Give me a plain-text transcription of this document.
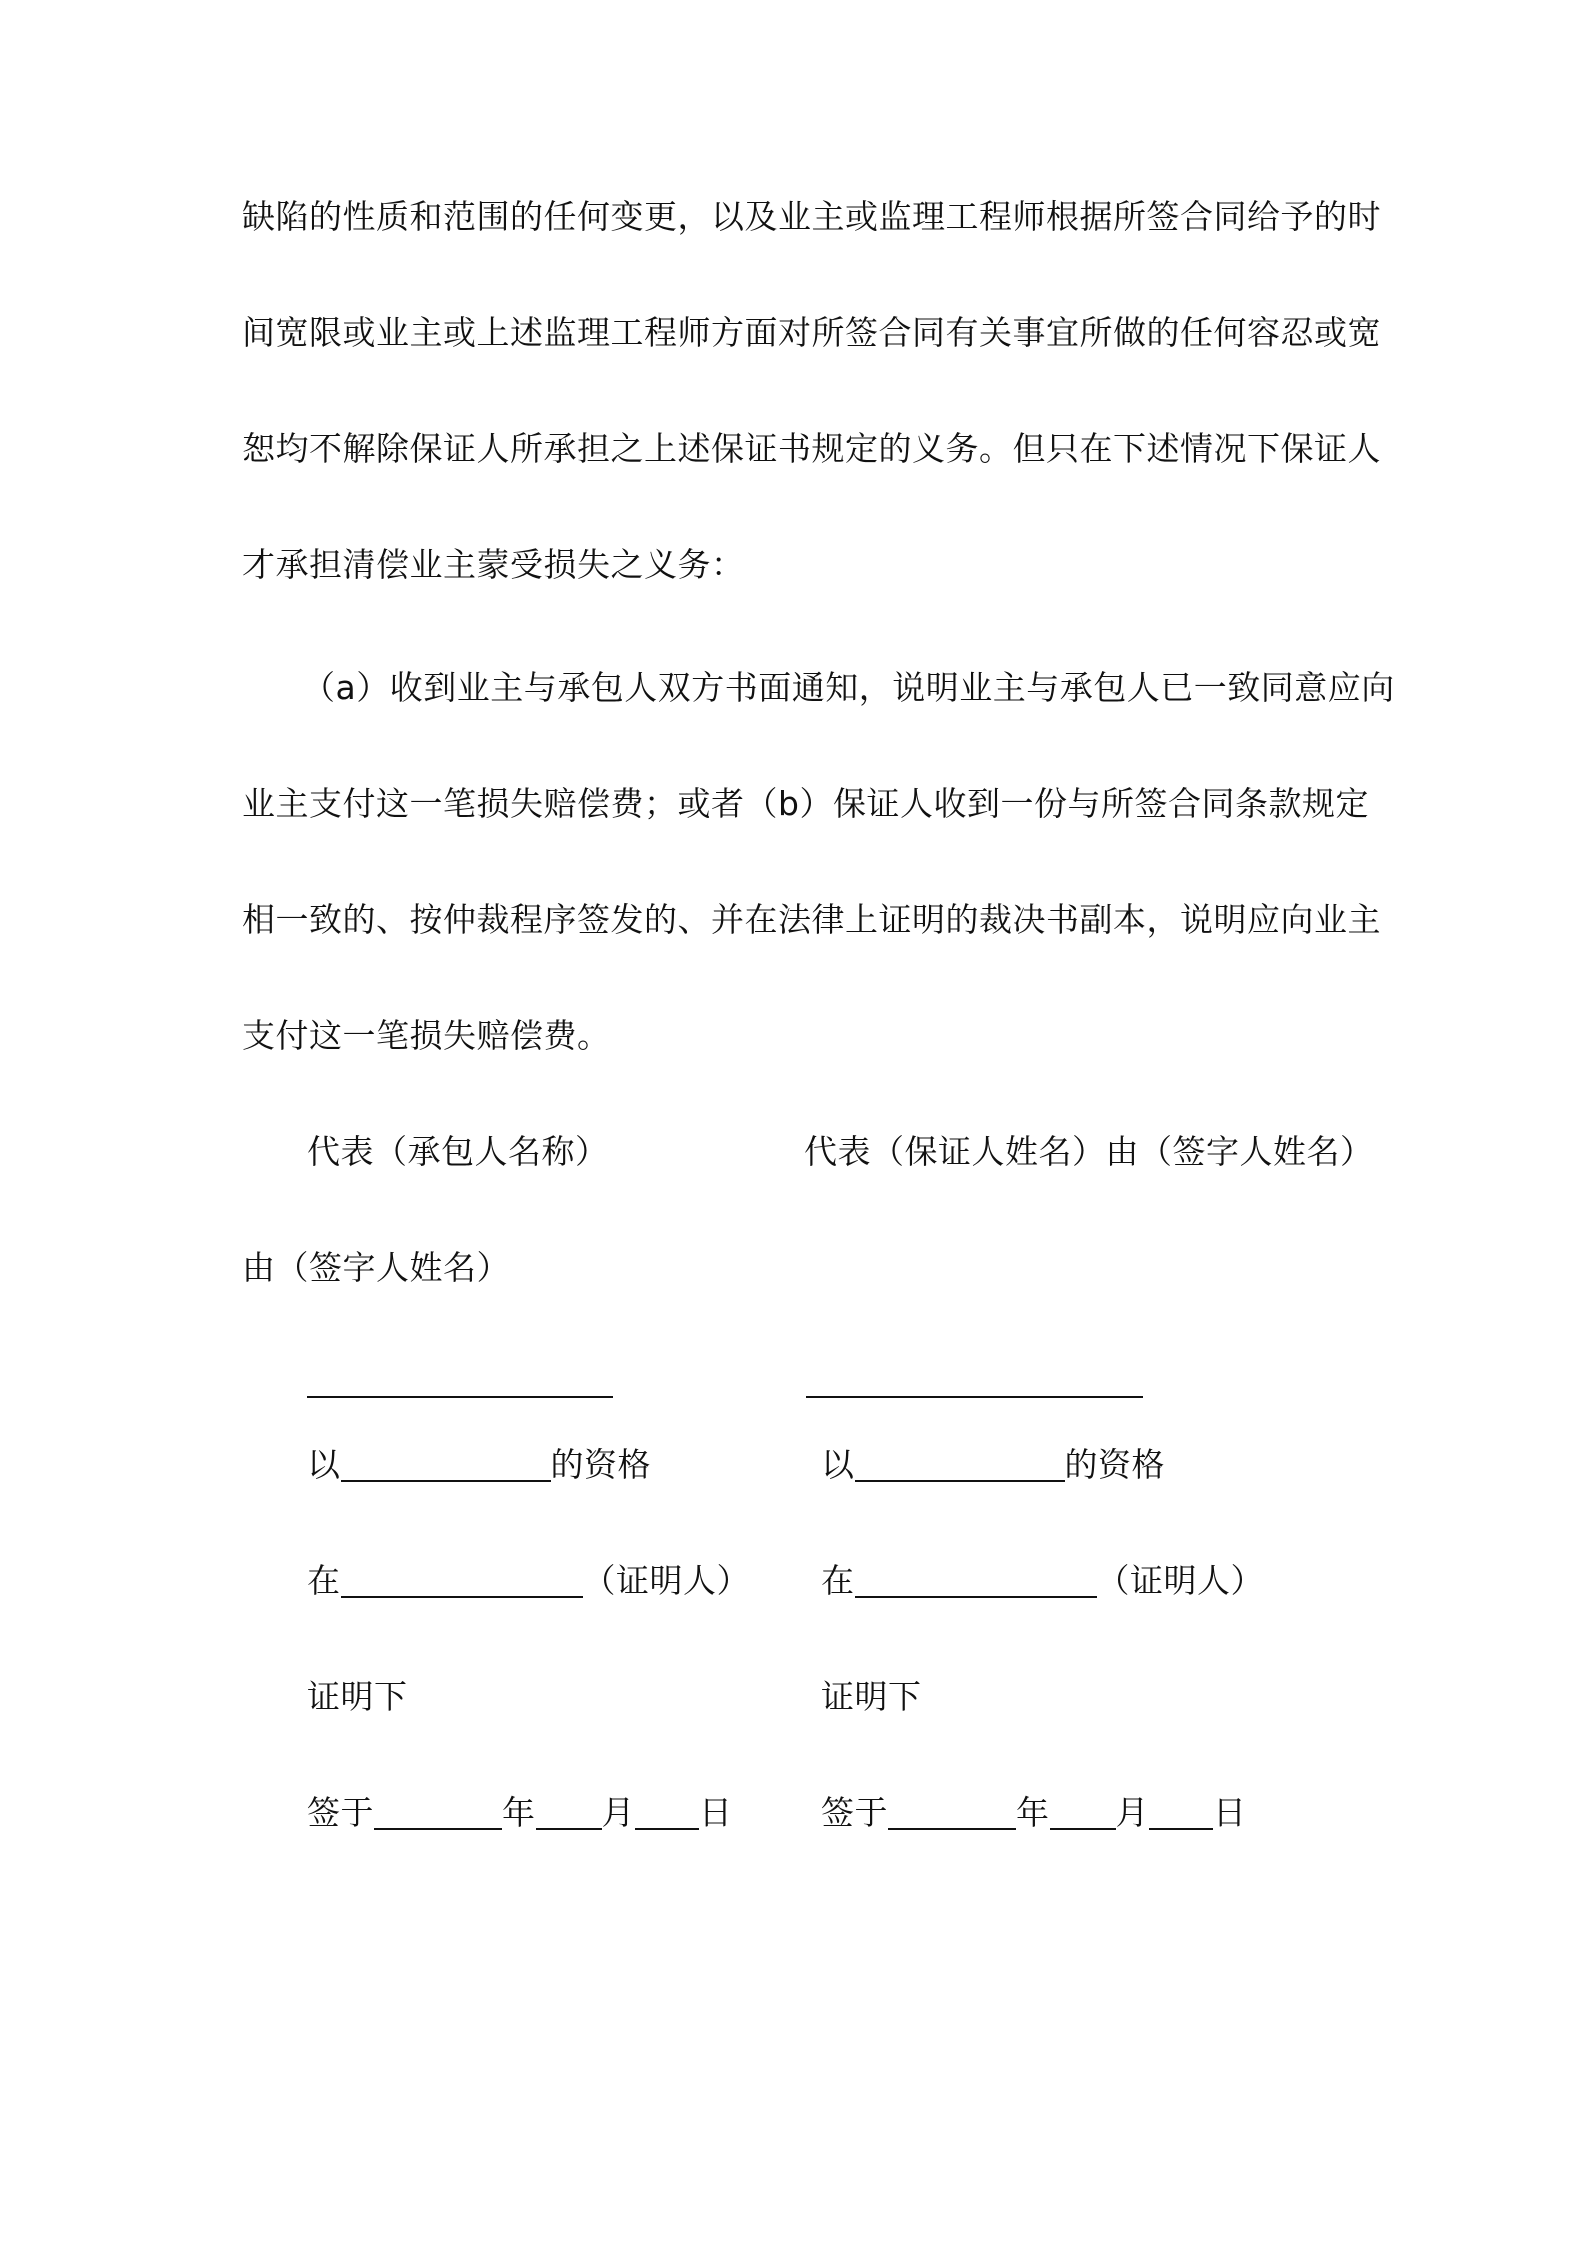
缺陷的性质和范围的任何变更，以及业主或监理工程师根据所签合同给予的时
间宽限或业主或上述监理工程师方面对所签合同有关事宜所做的任何容忍或宽
恕均不解除保证人所承担之上述保证书规定的义务。但只在下述情况下保证人
才承担清偿业主蒙受损失之义务：
（a）收到业主与承包人双方书面通知，说明业主与承包人已一致同意应向
业主支付这一笔损失赔偿费；或者（b）保证人收到一份与所签合同条款规定
相一致的、按仲裁程序签发的、并在法律上证明的裁决书副本，说明应向业主
支付这一笔损失赔偿费。
代表（承包人名称）	代表（保证人姓名）由（签字人姓名）
由（签字人姓名）
以	的资格	以	的资格
在	（证明人） 在	（证明人）
证明下	证明下
签于	年 月 日	签于	年 月 日
